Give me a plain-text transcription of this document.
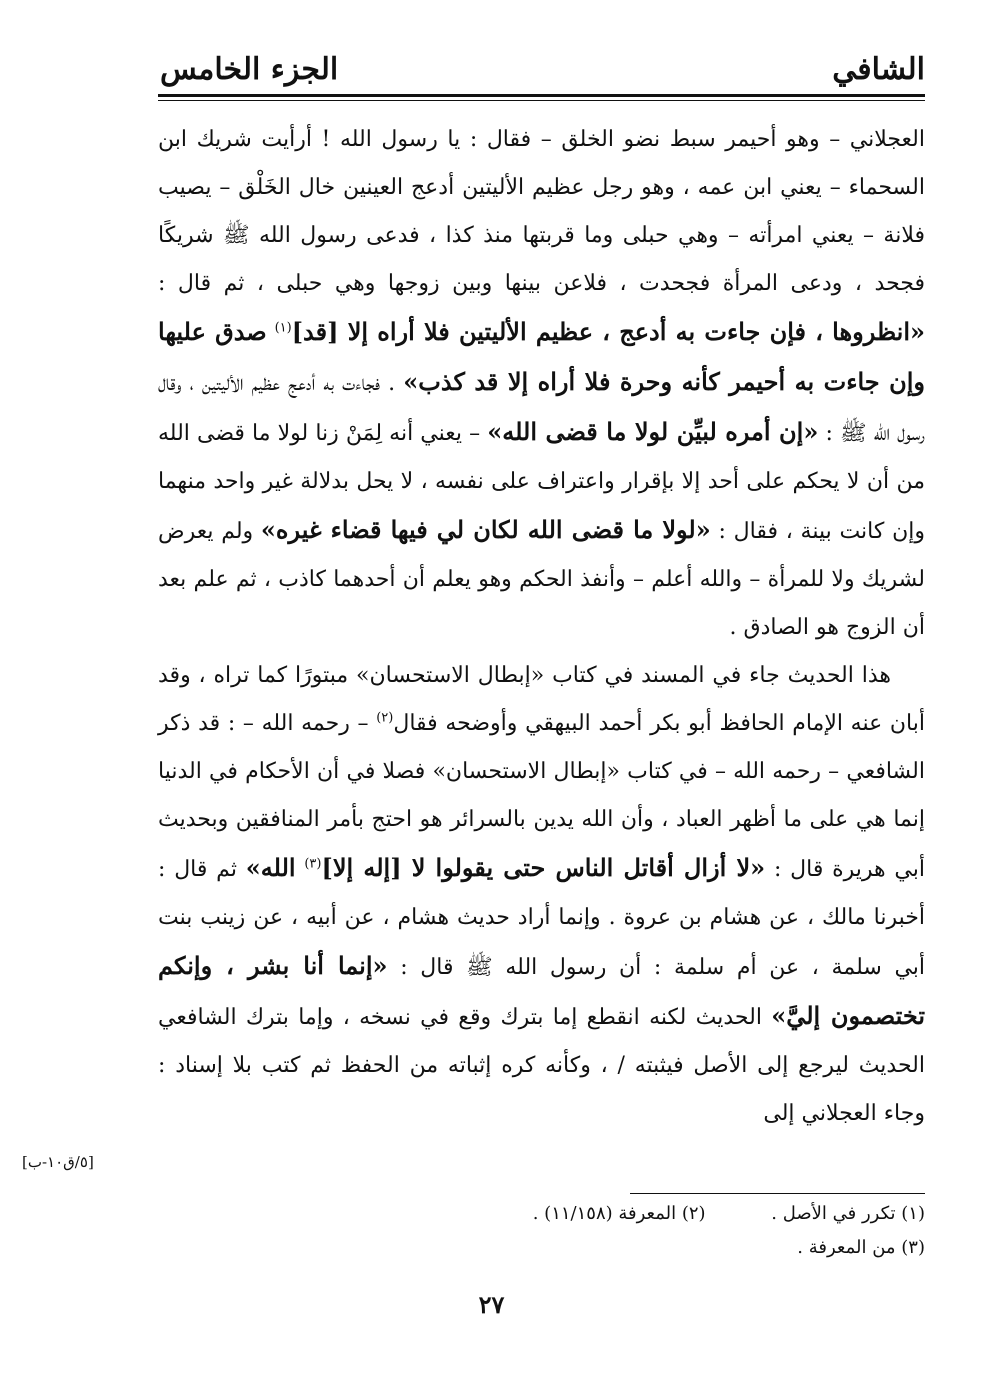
الشافي
الجزء الخامس

العجلاني – وهو أحيمر سبط نضو الخلق – فقال : يا رسول الله ! أرأيت شريك ابن السحماء – يعني ابن عمه ، وهو رجل عظيم الأليتين أدعج العينين خال الخَلْق – يصيب فلانة – يعني امرأته – وهي حبلى وما قربتها منذ كذا ، فدعى رسول الله ﷺ شريكًا فجحد ، ودعى المرأة فجحدت ، فلاعن بينها وبين زوجها وهي حبلى ، ثم قال : «انظروها ، فإن جاءت به أدعج ، عظيم الأليتين فلا أراه إلا [قد]$^{(١)}$ صدق عليها وإن جاءت به أحيمر كأنه وحرة فلا أراه إلا قد كذب» . فجاءت به أدعج عظيم الأليتين ، وقال رسول الله ﷺ : «إن أمره لبيِّن لولا ما قضى الله» – يعني أنه لِمَنْ زنا لولا ما قضى الله من أن لا يحكم على أحد إلا بإقرار واعتراف على نفسه ، لا يحل بدلالة غير واحد منهما وإن كانت بينة ، فقال : «لولا ما قضى الله لكان لي فيها قضاء غيره» ولم يعرض لشريك ولا للمرأة – والله أعلم – وأنفذ الحكم وهو يعلم أن أحدهما كاذب ، ثم علم بعد أن الزوج هو الصادق .

هذا الحديث جاء في المسند في كتاب «إبطال الاستحسان» مبتورًا كما تراه ، وقد أبان عنه الإمام الحافظ أبو بكر أحمد البيهقي وأوضحه فقال$^{(٢)}$ – رحمه الله – : قد ذكر الشافعي – رحمه الله – في كتاب «إبطال الاستحسان» فصلا في أن الأحكام في الدنيا إنما هي على ما أظهر العباد ، وأن الله يدين بالسرائر هو احتج بأمر المنافقين وبحديث أبي هريرة قال : «لا أزال أقاتل الناس حتى يقولوا لا [إله إلا]$^{(٣)}$ الله» ثم قال : أخبرنا مالك ، عن هشام بن عروة . وإنما أراد حديث هشام ، عن أبيه ، عن زينب بنت أبي سلمة ، عن أم سلمة : أن رسول الله ﷺ قال : «إنما أنا بشر ، وإنكم تختصمون إليَّ» الحديث لكنه انقطع إما بترك وقع في نسخه ، وإما بترك الشافعي الحديث ليرجع إلى الأصل فيثبته / ، وكأنه كره إثباته من الحفظ ثم كتب بلا إسناد : وجاء العجلاني إلى

[٥/ق١٠-ب]
(١) تكرر في الأصل . (٢) المعرفة (١١/١٥٨) .
(٣) من المعرفة .
٢٧
